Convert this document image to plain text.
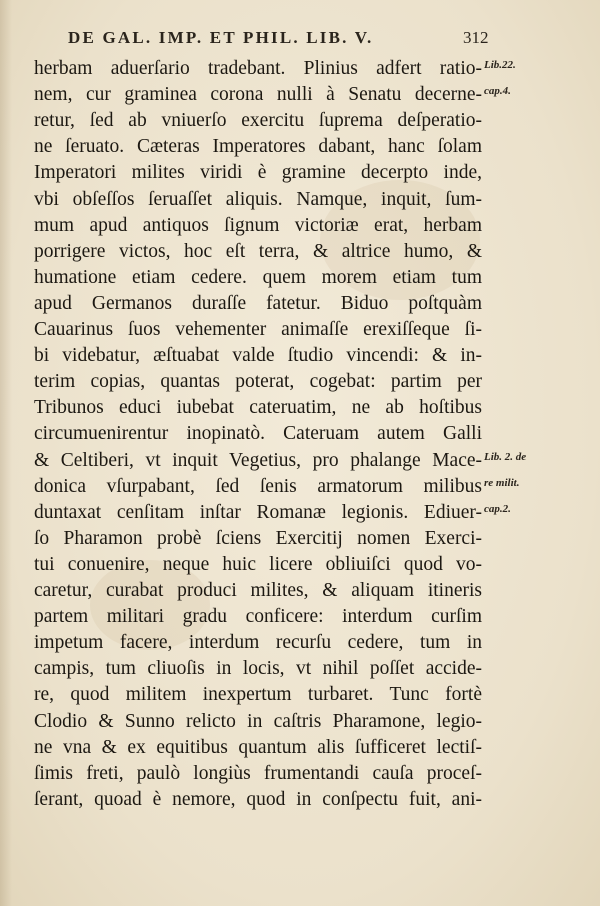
DE GAL. IMP. ET PHIL. LIB. V.	312
herbam aduerſario tradebant. Plinius adfert ratio-
nem, cur graminea corona nulli à Senatu decerne-
retur, ſed ab vniuerſo exercitu ſuprema deſperatio-
ne ſeruato. Cæteras Imperatores dabant, hanc ſolam
Imperatori milites viridi è gramine decerpto inde,
vbi obſeſſos ſeruaſſet aliquis. Namque, inquit, ſum-
mum apud antiquos ſignum victoriæ erat, herbam
porrigere victos, hoc eſt terra, & altrice humo, &
humatione etiam cedere. quem morem etiam tum
apud Germanos duraſſe fatetur. Biduo poſtquàm
Cauarinus ſuos vehementer animaſſe erexiſſeque ſi-
bi videbatur, æſtuabat valde ſtudio vincendi: & in-
terim copias, quantas poterat, cogebat: partim per
Tribunos educi iubebat cateruatim, ne ab hoſtibus
circumuenirentur inopinatò. Cateruam autem Galli
& Celtiberi, vt inquit Vegetius, pro phalange Mace-
donica vſurpabant, ſed ſenis armatorum milibus
duntaxat cenſitam inſtar Romanæ legionis. Ediuer-
ſo Pharamon probè ſciens Exercitij nomen Exerci-
tui conuenire, neque huic licere obliuiſci quod vo-
caretur, curabat produci milites, & aliquam itineris
partem militari gradu conficere: interdum curſim
impetum facere, interdum recurſu cedere, tum in
campis, tum cliuoſis in locis, vt nihil poſſet accide-
re, quod militem inexpertum turbaret. Tunc fortè
Clodio & Sunno relicto in caſtris Pharamone, legio-
ne vna & ex equitibus quantum alis ſufficeret lectiſ-
ſimis freti, paulò longiùs frumentandi cauſa proceſ-
ſerant, quoad è nemore, quod in conſpectu fuit, ani-
Lib.22.
cap.4.
Lib. 2. de
re milit.
cap.2.
